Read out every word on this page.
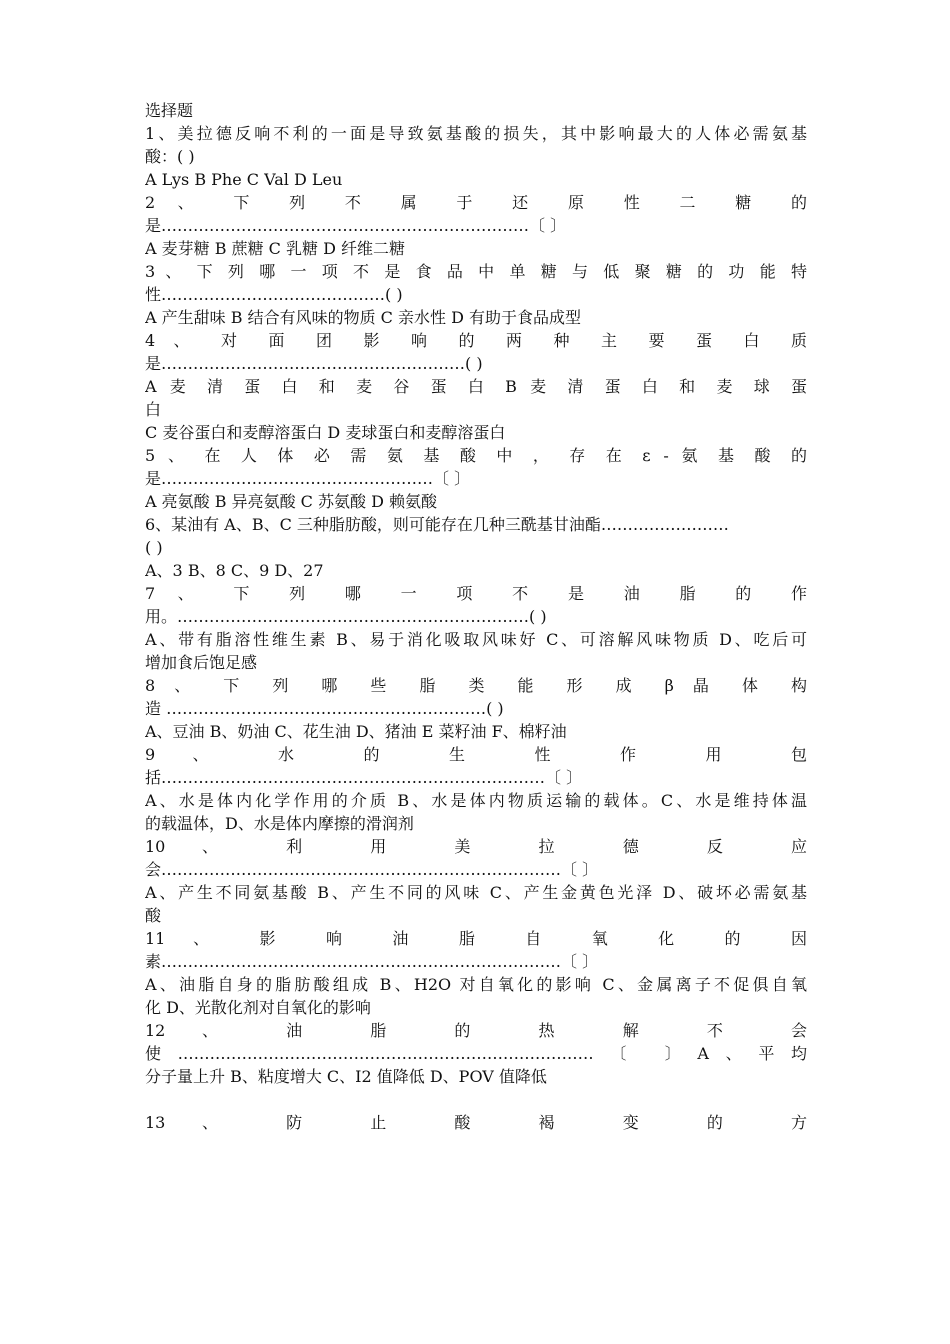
选择题
1、美拉德反响不利的一面是导致氨基酸的损失，其中影响最大的人体必需氨基
酸：( )
A Lys B Phe C Val D Leu
2 、 下 列 不 属 于 还 原 性 二 糖 的
是……………………………………………………………〔 〕
A 麦芽糖 B 蔗糖 C 乳糖 D 纤维二糖
3 、 下 列 哪 一 项 不 是 食 品 中 单 糖 与 低 聚 糖 的 功 能 特
性……………………………………( )
A 产生甜味 B 结合有风味的物质 C 亲水性 D 有助于食品成型
4 、 对 面 团 影 响 的 两 种 主 要 蛋 白 质
是…………………………………………………( )
A 麦 清 蛋 白 和 麦 谷 蛋 白 B 麦 清 蛋 白 和 麦 球 蛋
白
C 麦谷蛋白和麦醇溶蛋白 D 麦球蛋白和麦醇溶蛋白
5 、 在 人 体 必 需 氨 基 酸 中 ， 存 在 ε - 氨 基 酸 的
是……………………………………………〔 〕
A 亮氨酸 B 异亮氨酸 C 苏氨酸 D 赖氨酸
6、某油有 A、B、C 三种脂肪酸，则可能存在几种三酰基甘油酯……………………
( )
A、3 B、8 C、9 D、27
7 、 下 列 哪 一 项 不 是 油 脂 的 作
用。…………………………………………………………( )
A、带有脂溶性维生素 B、易于消化吸取风味好 C、可溶解风味物质 D、吃后可
增加食后饱足感
8 、 下 列 哪 些 脂 类 能 形 成 β 晶 体 构
造 ……………………………………………………( )
A、豆油 B、奶油 C、花生油 D、猪油 E 菜籽油 F、棉籽油
9 、 水 的 生 性 作 用 包
括………………………………………………………………〔 〕
A、水是体内化学作用的介质 B、水是体内物质运输的载体。C、水是维持体温
的载温体，D、水是体内摩擦的滑润剂
10 、 利 用 美 拉 德 反 应
会…………………………………………………………………〔 〕
A、产生不同氨基酸 B、产生不同的风味 C、产生金黄色光泽 D、破坏必需氨基
酸
11 、 影 响 油 脂 自 氧 化 的 因
素…………………………………………………………………〔 〕
A、油脂自身的脂肪酸组成 B、H2O 对自氧化的影响 C、金属离子不促俱自氧
化 D、光散化剂对自氧化的影响
12 、 油 脂 的 热 解 不 会
使……………………………………………………………………〔 〕A、平均
分子量上升 B、粘度增大 C、I2 值降低 D、POV 值降低
13 、 防 止 酸 褐 变 的 方
